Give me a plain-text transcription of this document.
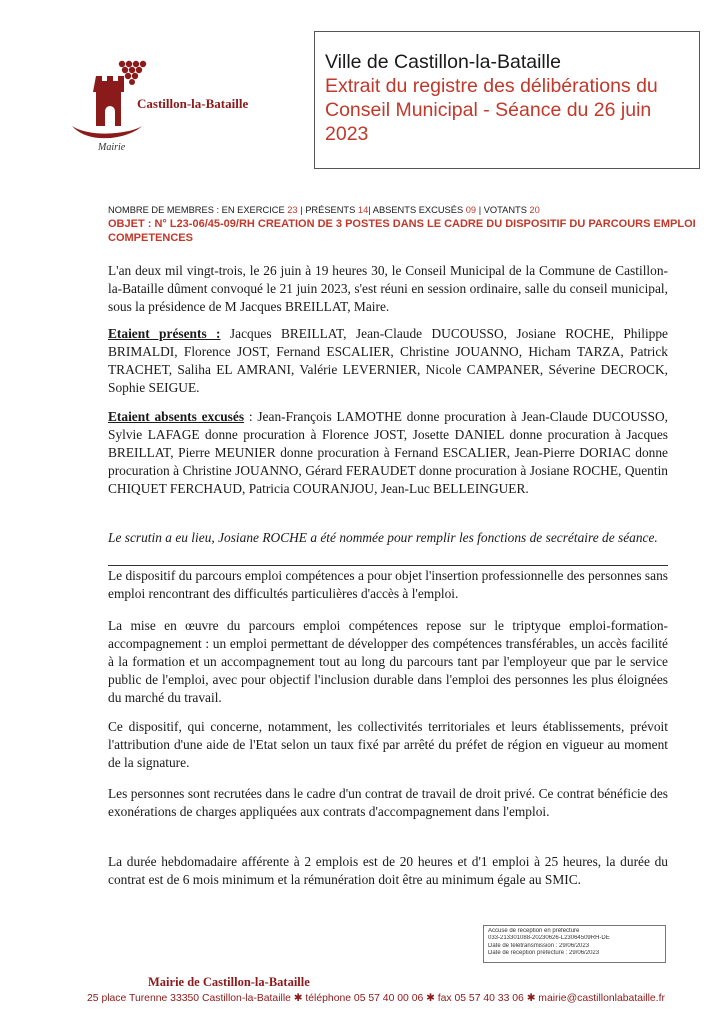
Castillon-la-Bataille
Mairie
Ville de Castillon-la-Bataille
Extrait du registre des délibérations du Conseil Municipal - Séance du 26 juin 2023
NOMBRE DE MEMBRES : EN EXERCICE 23 | PRÉSENTS 14| ABSENTS EXCUSÉS 09 | VOTANTS 20
OBJET : N° L23-06/45-09/RH CREATION DE 3 POSTES DANS LE CADRE DU DISPOSITIF DU PARCOURS EMPLOI COMPETENCES

L'an deux mil vingt-trois, le 26 juin à 19 heures 30, le Conseil Municipal de la Commune de Castillon-la-Bataille dûment convoqué le 21 juin 2023, s'est réuni en session ordinaire, salle du conseil municipal, sous la présidence de M Jacques BREILLAT, Maire.

Etaient présents : Jacques BREILLAT, Jean-Claude DUCOUSSO, Josiane ROCHE, Philippe BRIMALDI, Florence JOST, Fernand ESCALIER, Christine JOUANNO, Hicham TARZA, Patrick TRACHET, Saliha EL AMRANI, Valérie LEVERNIER, Nicole CAMPANER, Séverine DECROCK, Sophie SEIGUE.

Etaient absents excusés : Jean-François LAMOTHE donne procuration à Jean-Claude DUCOUSSO, Sylvie LAFAGE donne procuration à Florence JOST, Josette DANIEL donne procuration à Jacques BREILLAT, Pierre MEUNIER donne procuration à Fernand ESCALIER, Jean-Pierre DORIAC donne procuration à Christine JOUANNO, Gérard FERAUDET donne procuration à Josiane ROCHE, Quentin CHIQUET FERCHAUD, Patricia COURANJOU, Jean-Luc BELLEINGUER.

Le scrutin a eu lieu, Josiane ROCHE a été nommée pour remplir les fonctions de secrétaire de séance.

Le dispositif du parcours emploi compétences a pour objet l'insertion professionnelle des personnes sans emploi rencontrant des difficultés particulières d'accès à l'emploi.

La mise en œuvre du parcours emploi compétences repose sur le triptyque emploi-formation-accompagnement : un emploi permettant de développer des compétences transférables, un accès facilité à la formation et un accompagnement tout au long du parcours tant par l'employeur que par le service public de l'emploi, avec pour objectif l'inclusion durable dans l'emploi des personnes les plus éloignées du marché du travail.

Ce dispositif, qui concerne, notamment, les collectivités territoriales et leurs établissements, prévoit l'attribution d'une aide de l'Etat selon un taux fixé par arrêté du préfet de région en vigueur au moment de la signature.

Les personnes sont recrutées dans le cadre d'un contrat de travail de droit privé. Ce contrat bénéficie des exonérations de charges appliquées aux contrats d'accompagnement dans l'emploi.

La durée hebdomadaire afférente à 2 emplois est de 20 heures et d'1 emploi à 25 heures, la durée du contrat est de 6 mois minimum et la rémunération doit être au minimum égale au SMIC.

Accusé de réception en préfecture
033-213301088-20230626-L23064509RH-DE
Date de télétransmission : 29/06/2023
Date de réception préfecture : 29/06/2023
Mairie de Castillon-la-Bataille
25 place Turenne 33350 Castillon-la-Bataille ✱ téléphone 05 57 40 00 06 ✱ fax 05 57 40 33 06 ✱ mairie@castillonlabataille.fr
